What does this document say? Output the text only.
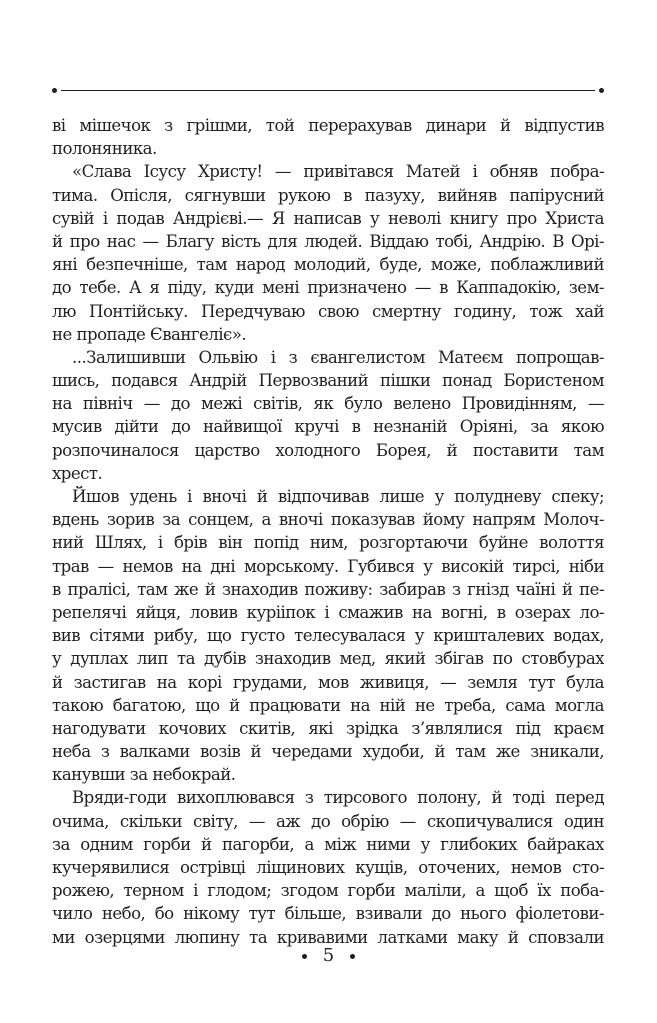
ві мішечок з грішми, той перерахував динари й відпустив
полоняника.
«Слава Ісусу Христу! — привітався Матей і обняв побра-
тима. Опісля, сягнувши рукою в пазуху, вийняв папірусний
сувій і подав Андрієві.— Я написав у неволі книгу про Христа
й про нас — Благу вість для людей. Віддаю тобі, Андрію. В Орі-
яні безпечніше, там народ молодий, буде, може, поблажливий
до тебе. А я піду, куди мені призначено — в Каппадокію, зем-
лю Понтійську. Передчуваю свою смертну годину, тож хай
не пропаде Євангеліє».
...Залишивши Ольвію і з євангелистом Матеєм попрощав-
шись, подався Андрій Первозваний пішки понад Бористеном
на північ — до межі світів, як було велено Провидінням, —
мусив дійти до найвищої кручі в незнаній Оріяні, за якою
розпочиналося царство холодного Борея, й поставити там
хрест.
Йшов удень і вночі й відпочивав лише у полудневу спеку;
вдень зорив за сонцем, а вночі показував йому напрям Молоч-
ний Шлях, і брів він попід ним, розгортаючи буйне волоття
трав — немов на дні морському. Губився у високій тирсі, ніби
в праліcі, там же й знаходив поживу: забирав з гнізд чаїні й пе-
репелячі яйця, ловив курііпок і смажив на вогні, в озерах ло-
вив сітями рибу, що густо телесувалася у кришталевих водах,
у дуплах лип та дубів знаходив мед, який збігав по стовбурах
й застигав на корі грудами, мов живиця, — земля тут була
такою багатою, що й працювати на ній не треба, сама могла
нагодувати кочових скитів, які зрідка з’являлися під краєм
неба з валками возів й чередами худоби, й там же зникали,
канувши за небокрай.
Вряди-годи вихоплювався з тирсового полону, й тоді перед
очима, скільки світу, — аж до обрію — скопичувалися один
за одним горби й пагорби, а між ними у глибоких байраках
кучерявилися острівці ліщинових кущів, оточених, немов сто-
рожею, терном і глодом; згодом горби маліли, а щоб їх поба-
чило небо, бо нікому тут більше, взивали до нього фіолетови-
ми озерцями люпину та кривавими латками маку й сповзали
5
